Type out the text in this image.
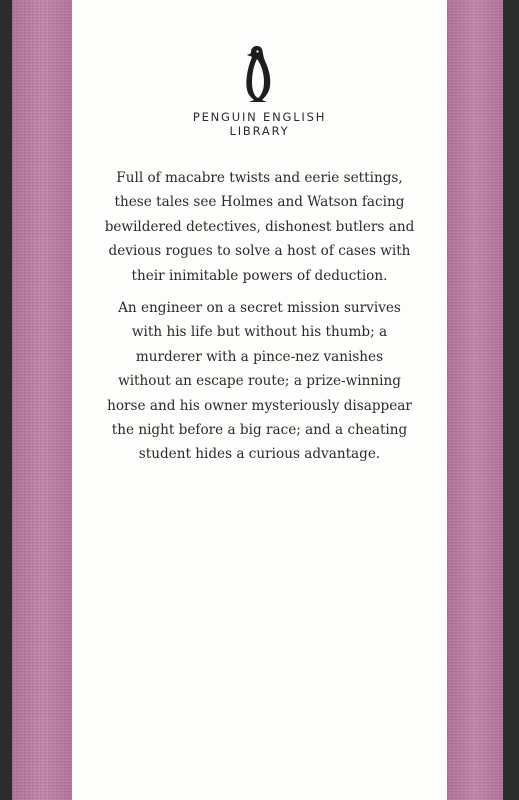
PENGUIN ENGLISH
LIBRARY
Full of macabre twists and eerie settings,
these tales see Holmes and Watson facing
bewildered detectives, dishonest butlers and
devious rogues to solve a host of cases with
their inimitable powers of deduction.
An engineer on a secret mission survives
with his life but without his thumb; a
murderer with a pince-nez vanishes
without an escape route; a prize-winning
horse and his owner mysteriously disappear
the night before a big race; and a cheating
student hides a curious advantage.
